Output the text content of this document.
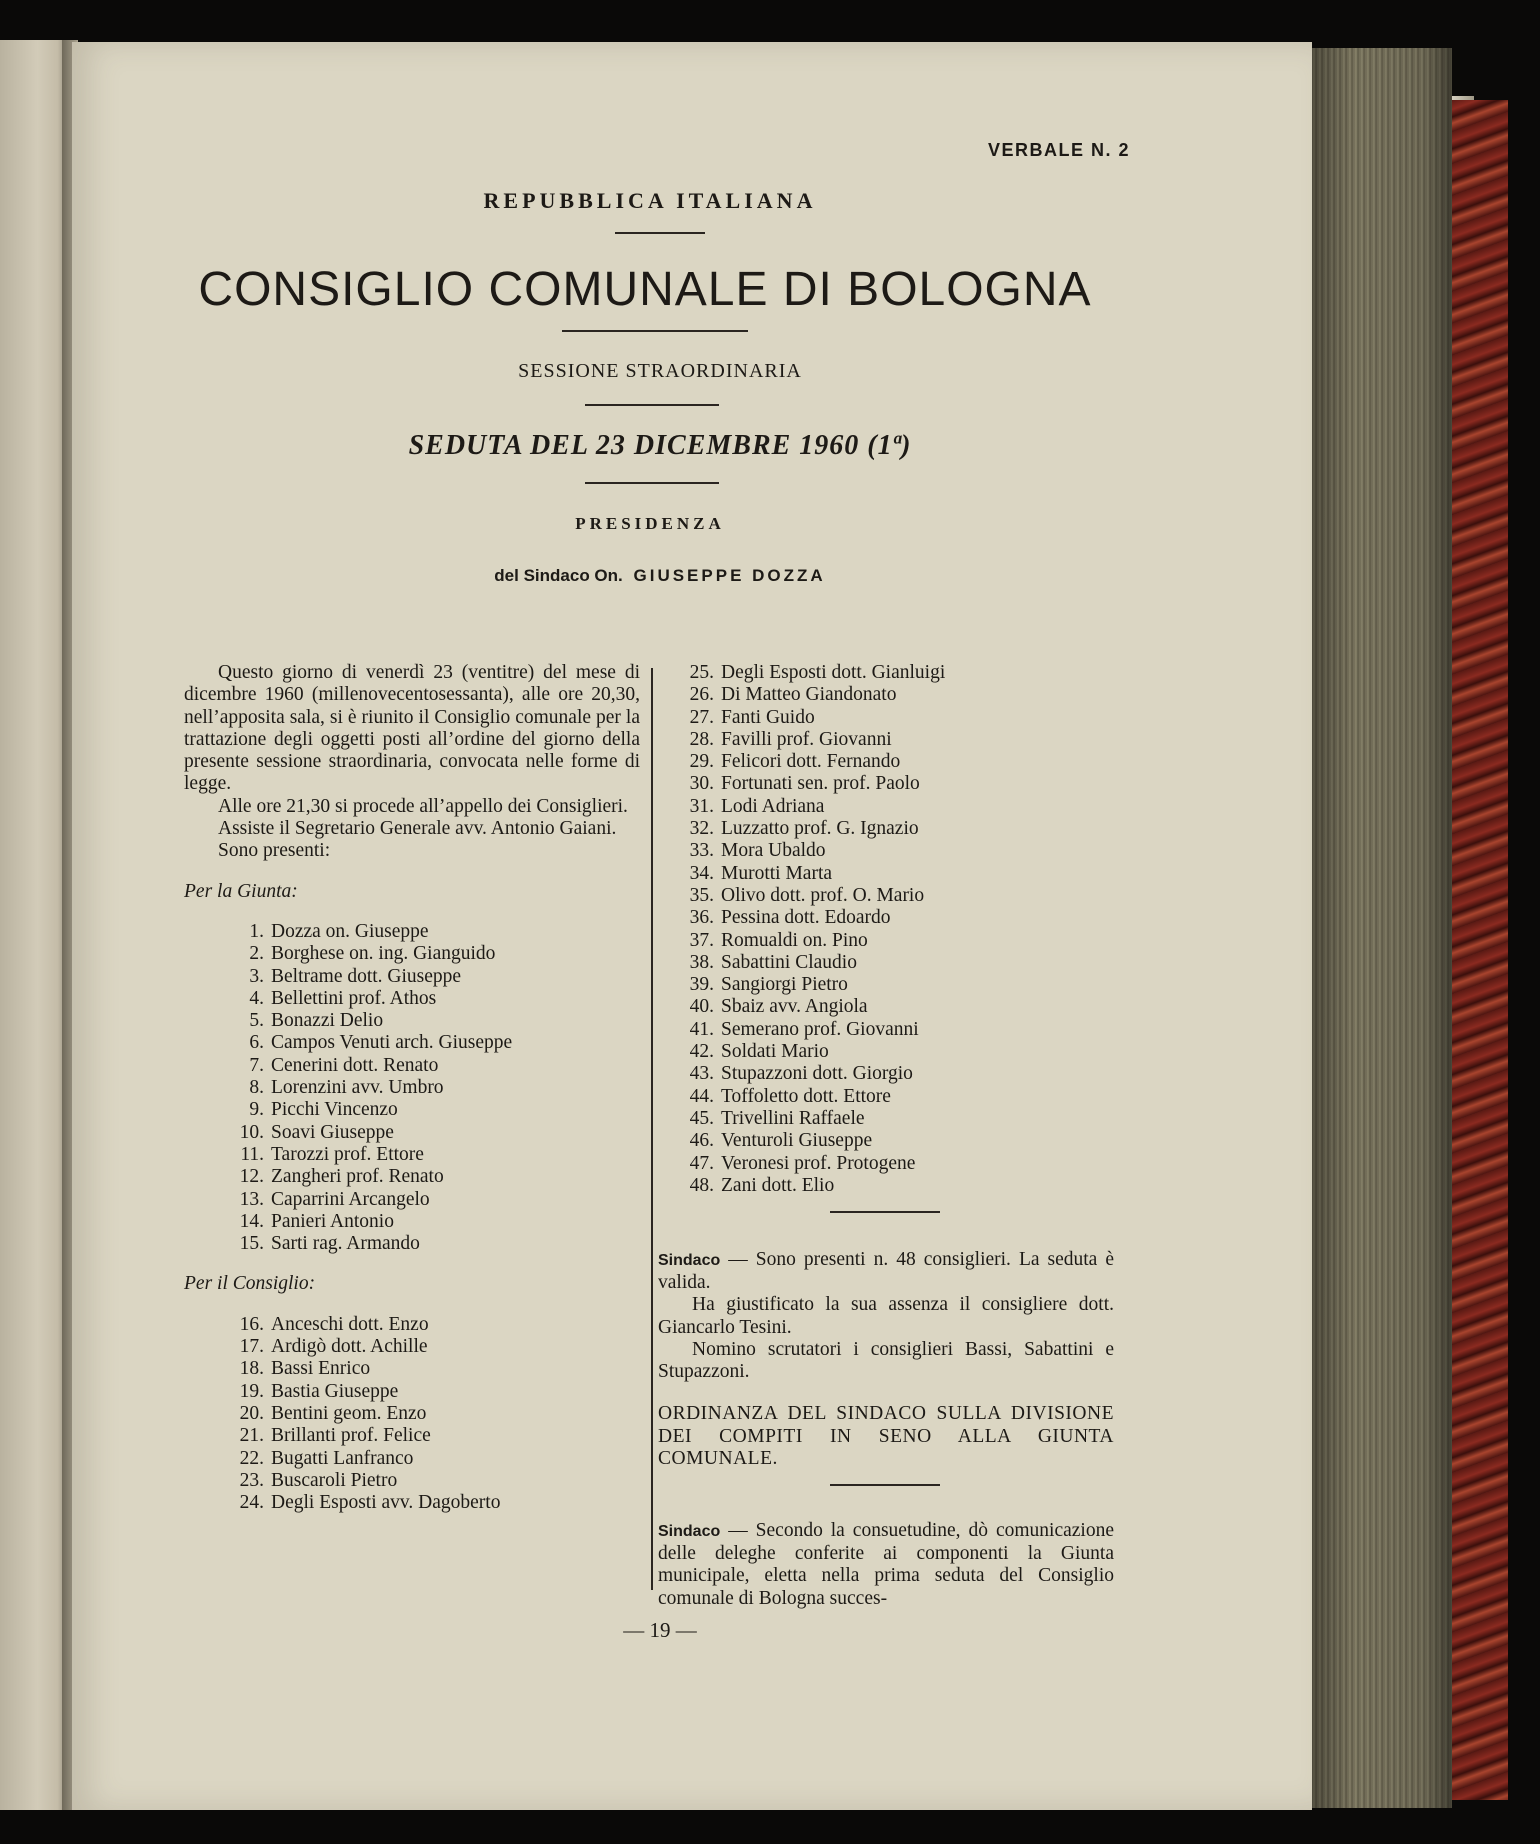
VERBALE N. 2
REPUBBLICA ITALIANA
CONSIGLIO COMUNALE DI BOLOGNA
SESSIONE STRAORDINARIA
SEDUTA DEL 23 DICEMBRE 1960 (1ª)
PRESIDENZA
del Sindaco On. GIUSEPPE DOZZA

Questo giorno di venerdì 23 (ventitre) del mese di dicembre 1960 (millenovecentosessanta), alle ore 20,30, nell’apposita sala, si è riunito il Consiglio comunale per la trattazione degli oggetti posti all’ordine del giorno della presente sessione straordinaria, convocata nelle forme di legge.

Alle ore 21,30 si procede all’appello dei Consiglieri.

Assiste il Segretario Generale avv. Antonio Gaiani.

Sono presenti:

Per la Giunta:
1. Dozza on. Giuseppe
2. Borghese on. ing. Gianguido
3. Beltrame dott. Giuseppe
4. Bellettini prof. Athos
5. Bonazzi Delio
6. Campos Venuti arch. Giuseppe
7. Cenerini dott. Renato
8. Lorenzini avv. Umbro
9. Picchi Vincenzo
10. Soavi Giuseppe
11. Tarozzi prof. Ettore
12. Zangheri prof. Renato
13. Caparrini Arcangelo
14. Panieri Antonio
15. Sarti rag. Armando
Per il Consiglio:
16. Anceschi dott. Enzo
17. Ardigò dott. Achille
18. Bassi Enrico
19. Bastia Giuseppe
20. Bentini geom. Enzo
21. Brillanti prof. Felice
22. Bugatti Lanfranco
23. Buscaroli Pietro
24. Degli Esposti avv. Dagoberto
25. Degli Esposti dott. Gianluigi
26. Di Matteo Giandonato
27. Fanti Guido
28. Favilli prof. Giovanni
29. Felicori dott. Fernando
30. Fortunati sen. prof. Paolo
31. Lodi Adriana
32. Luzzatto prof. G. Ignazio
33. Mora Ubaldo
34. Murotti Marta
35. Olivo dott. prof. O. Mario
36. Pessina dott. Edoardo
37. Romualdi on. Pino
38. Sabattini Claudio
39. Sangiorgi Pietro
40. Sbaiz avv. Angiola
41. Semerano prof. Giovanni
42. Soldati Mario
43. Stupazzoni dott. Giorgio
44. Toffoletto dott. Ettore
45. Trivellini Raffaele
46. Venturoli Giuseppe
47. Veronesi prof. Protogene
48. Zani dott. Elio

Sindaco — Sono presenti n. 48 consiglieri. La seduta è valida.

Ha giustificato la sua assenza il consigliere dott. Giancarlo Tesini.

Nomino scrutatori i consiglieri Bassi, Sabattini e Stupazzoni.

ORDINANZA DEL SINDACO SULLA DIVISIONE DEI COMPITI IN SENO ALLA GIUNTA COMUNALE.

Sindaco — Secondo la consuetudine, dò comunicazione delle deleghe conferite ai componenti la Giunta municipale, eletta nella prima seduta del Consiglio comunale di Bologna succes-

— 19 —
